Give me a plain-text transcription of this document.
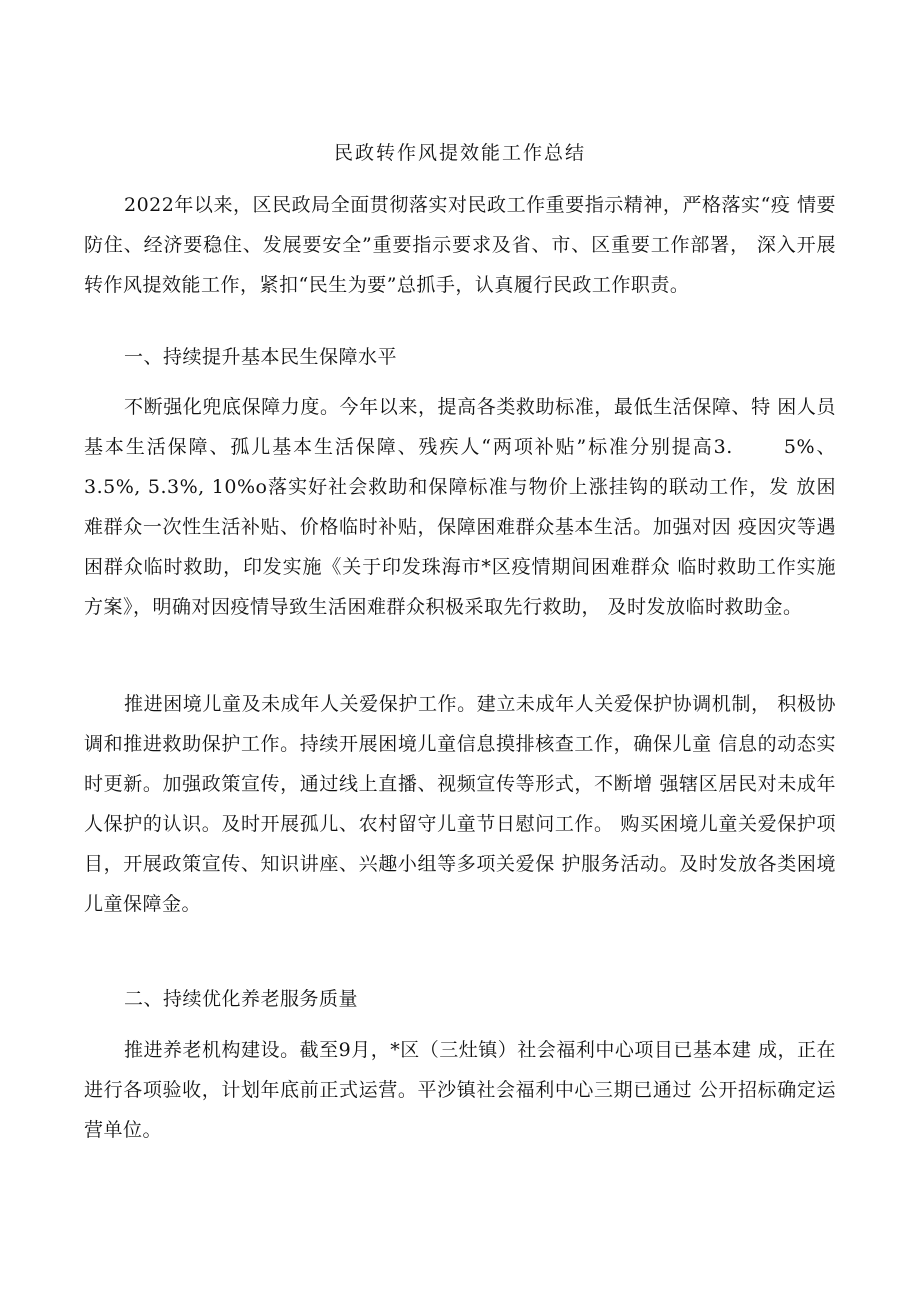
民政转作风提效能工作总结

2022年以来，区民政局全面贯彻落实对民政工作重要指示精神，严格落实“疫 情要防住、经济要稳住、发展要安全”重要指示要求及省、市、区重要工作部署， 深入开展转作风提效能工作，紧扣“民生为要”总抓手，认真履行民政工作职责。

一、持续提升基本民生保障水平

不断强化兜底保障力度。今年以来，提高各类救助标准，最低生活保障、特 困人员基本生活保障、孤儿基本生活保障、残疾人“两项补贴”标准分别提高3.　　 5%、3.5%, 5.3%, 10%o落实好社会救助和保障标准与物价上涨挂钩的联动工作，发 放困难群众一次性生活补贴、价格临时补贴，保障困难群众基本生活。加强对因 疫因灾等遇困群众临时救助，印发实施《关于印发珠海市*区疫情期间困难群众 临时救助工作实施方案》，明确对因疫情导致生活困难群众积极采取先行救助， 及时发放临时救助金。

推进困境儿童及未成年人关爱保护工作。建立未成年人关爱保护协调机制， 积极协调和推进救助保护工作。持续开展困境儿童信息摸排核查工作，确保儿童 信息的动态实时更新。加强政策宣传，通过线上直播、视频宣传等形式，不断增 强辖区居民对未成年人保护的认识。及时开展孤儿、农村留守儿童节日慰问工作。 购买困境儿童关爱保护项目，开展政策宣传、知识讲座、兴趣小组等多项关爱保 护服务活动。及时发放各类困境儿童保障金。

二、持续优化养老服务质量

推进养老机构建设。截至9月，*区（三灶镇）社会福利中心项目已基本建 成，正在进行各项验收，计划年底前正式运营。平沙镇社会福利中心三期已通过 公开招标确定运营单位。
